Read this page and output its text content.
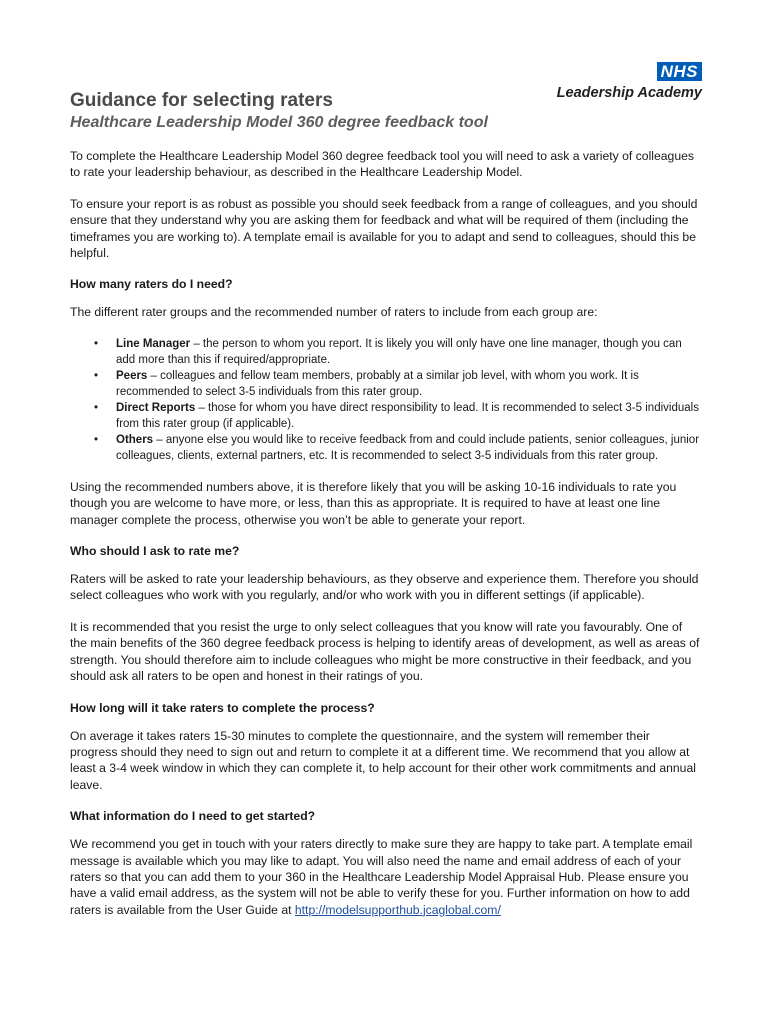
NHS
Leadership Academy
Guidance for selecting raters
Healthcare Leadership Model 360 degree feedback tool

To complete the Healthcare Leadership Model 360 degree feedback tool you will need to ask a variety of colleagues to rate your leadership behaviour, as described in the Healthcare Leadership Model.

To ensure your report is as robust as possible you should seek feedback from a range of colleagues, and you should ensure that they understand why you are asking them for feedback and what will be required of them (including the timeframes you are working to). A template email is available for you to adapt and send to colleagues, should this be helpful.

How many raters do I need?

The different rater groups and the recommended number of raters to include from each group are:

• Line Manager – the person to whom you report. It is likely you will only have one line manager, though you can add more than this if required/appropriate.
• Peers – colleagues and fellow team members, probably at a similar job level, with whom you work. It is recommended to select 3-5 individuals from this rater group.
• Direct Reports – those for whom you have direct responsibility to lead. It is recommended to select 3-5 individuals from this rater group (if applicable).
• Others – anyone else you would like to receive feedback from and could include patients, senior colleagues, junior colleagues, clients, external partners, etc. It is recommended to select 3-5 individuals from this rater group.

Using the recommended numbers above, it is therefore likely that you will be asking 10-16 individuals to rate you though you are welcome to have more, or less, than this as appropriate. It is required to have at least one line manager complete the process, otherwise you won’t be able to generate your report.

Who should I ask to rate me?

Raters will be asked to rate your leadership behaviours, as they observe and experience them. Therefore you should select colleagues who work with you regularly, and/or who work with you in different settings (if applicable).

It is recommended that you resist the urge to only select colleagues that you know will rate you favourably. One of the main benefits of the 360 degree feedback process is helping to identify areas of development, as well as areas of strength. You should therefore aim to include colleagues who might be more constructive in their feedback, and you should ask all raters to be open and honest in their ratings of you.

How long will it take raters to complete the process?

On average it takes raters 15-30 minutes to complete the questionnaire, and the system will remember their progress should they need to sign out and return to complete it at a different time. We recommend that you allow at least a 3-4 week window in which they can complete it, to help account for their other work commitments and annual leave.

What information do I need to get started?

We recommend you get in touch with your raters directly to make sure they are happy to take part. A template email message is available which you may like to adapt. You will also need the name and email address of each of your raters so that you can add them to your 360 in the Healthcare Leadership Model Appraisal Hub. Please ensure you have a valid email address, as the system will not be able to verify these for you. Further information on how to add raters is available from the User Guide at http://modelsupporthub.jcaglobal.com/
